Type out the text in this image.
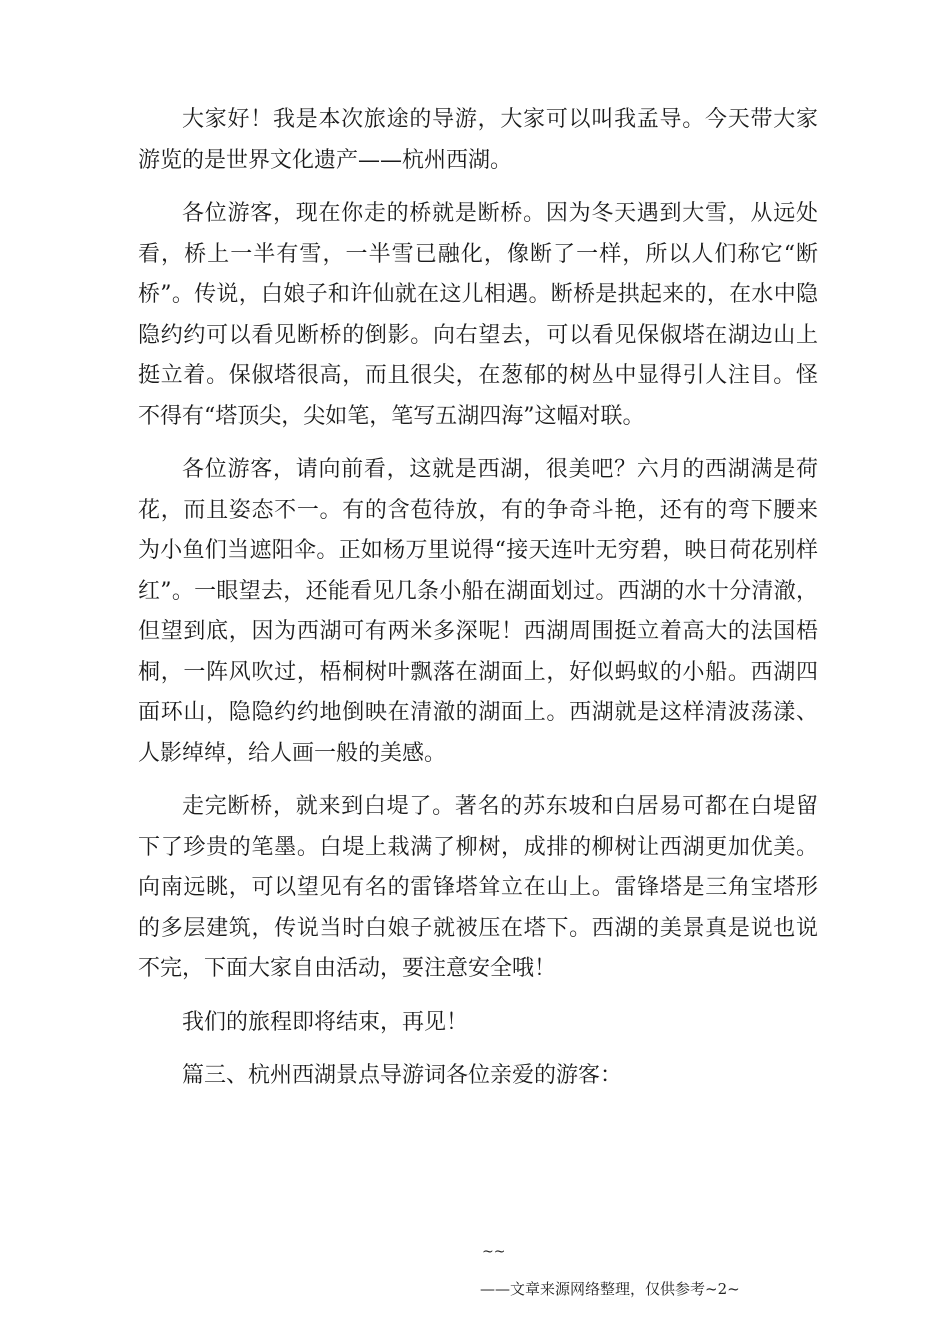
大家好！我是本次旅途的导游，大家可以叫我孟导。今天带大家游览的是世界文化遗产——杭州西湖。

各位游客，现在你走的桥就是断桥。因为冬天遇到大雪，从远处看，桥上一半有雪，一半雪已融化，像断了一样，所以人们称它“断桥”。传说，白娘子和许仙就在这儿相遇。断桥是拱起来的，在水中隐隐约约可以看见断桥的倒影。向右望去，可以看见保俶塔在湖边山上挺立着。保俶塔很高，而且很尖，在葱郁的树丛中显得引人注目。怪不得有“塔顶尖，尖如笔，笔写五湖四海”这幅对联。

各位游客，请向前看，这就是西湖，很美吧？六月的西湖满是荷花，而且姿态不一。有的含苞待放，有的争奇斗艳，还有的弯下腰来为小鱼们当遮阳伞。正如杨万里说得“接天连叶无穷碧，映日荷花别样红”。一眼望去，还能看见几条小船在湖面划过。西湖的水十分清澈，但望到底，因为西湖可有两米多深呢！西湖周围挺立着高大的法国梧桐，一阵风吹过，梧桐树叶飘落在湖面上，好似蚂蚁的小船。西湖四面环山，隐隐约约地倒映在清澈的湖面上。西湖就是这样清波荡漾、人影绰绰，给人画一般的美感。

走完断桥，就来到白堤了。著名的苏东坡和白居易可都在白堤留下了珍贵的笔墨。白堤上栽满了柳树，成排的柳树让西湖更加优美。向南远眺，可以望见有名的雷锋塔耸立在山上。雷锋塔是三角宝塔形的多层建筑，传说当时白娘子就被压在塔下。西湖的美景真是说也说不完，下面大家自由活动，要注意安全哦！

我们的旅程即将结束，再见！

篇三、杭州西湖景点导游词各位亲爱的游客：

~~
——文章来源网络整理，仅供参考~2~
